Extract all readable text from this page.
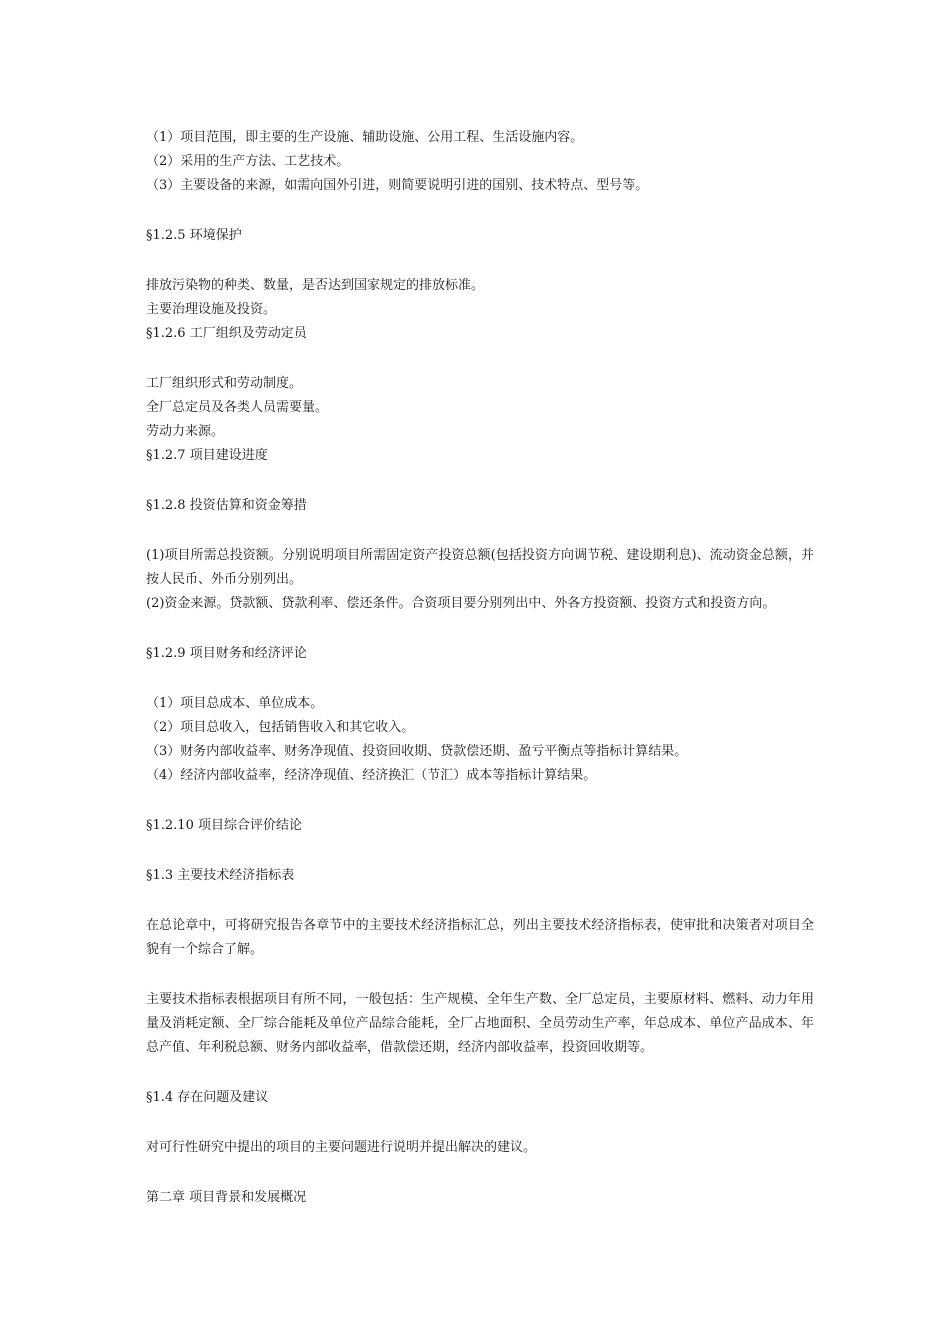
（1）项目范围，即主要的生产设施、辅助设施、公用工程、生活设施内容。

（2）采用的生产方法、工艺技术。

（3）主要设备的来源，如需向国外引进，则简要说明引进的国别、技术特点、型号等。

§1.2.5 环境保护

排放污染物的种类、数量，是否达到国家规定的排放标准。

主要治理设施及投资。

§1.2.6 工厂组织及劳动定员

工厂组织形式和劳动制度。

全厂总定员及各类人员需要量。

劳动力来源。

§1.2.7 项目建设进度

§1.2.8 投资估算和资金筹措

(1)项目所需总投资额。分别说明项目所需固定资产投资总额(包括投资方向调节税、建设期利息)、流动资金总额，并按人民币、外币分别列出。

(2)资金来源。贷款额、贷款利率、偿还条件。合资项目要分别列出中、外各方投资额、投资方式和投资方向。

§1.2.9 项目财务和经济评论

（1）项目总成本、单位成本。

（2）项目总收入，包括销售收入和其它收入。

（3）财务内部收益率、财务净现值、投资回收期、贷款偿还期、盈亏平衡点等指标计算结果。

（4）经济内部收益率，经济净现值、经济换汇（节汇）成本等指标计算结果。

§1.2.10 项目综合评价结论

§1.3 主要技术经济指标表

在总论章中，可将研究报告各章节中的主要技术经济指标汇总，列出主要技术经济指标表，使审批和决策者对项目全貌有一个综合了解。

主要技术指标表根据项目有所不同，一般包括：生产规模、全年生产数、全厂总定员，主要原材料、燃料、动力年用量及消耗定额、全厂综合能耗及单位产品综合能耗，全厂占地面积、全员劳动生产率，年总成本、单位产品成本、年总产值、年利税总额、财务内部收益率，借款偿还期，经济内部收益率，投资回收期等。

§1.4 存在问题及建议

对可行性研究中提出的项目的主要问题进行说明并提出解决的建议。

第二章 项目背景和发展概况
